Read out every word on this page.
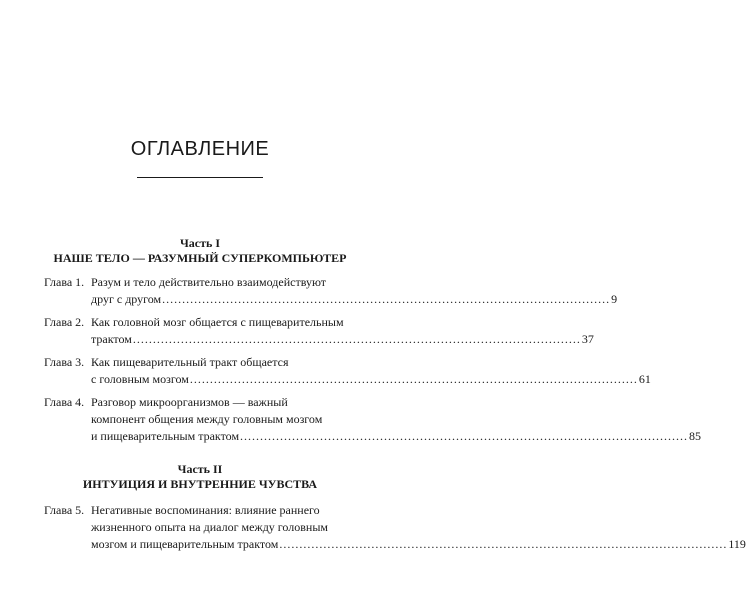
ОГЛАВЛЕНИЕ
Часть I
НАШЕ ТЕЛО — РАЗУМНЫЙ СУПЕРКОМПЬЮТЕР
Глава 1. Разум и тело действительно взаимодействуют
друг с другом ................................................................................................................ 9
Глава 2. Как головной мозг общается с пищеварительным
трактом ................................................................................................................ 37
Глава 3. Как пищеварительный тракт общается
с головным мозгом ................................................................................................................ 61
Глава 4. Разговор микроорганизмов — важный
компонент общения между головным мозгом
и пищеварительным трактом ................................................................................................................ 85
Часть II
ИНТУИЦИЯ И ВНУТРЕННИЕ ЧУВСТВА
Глава 5. Негативные воспоминания: влияние раннего
жизненного опыта на диалог между головным
мозгом и пищеварительным трактом ................................................................................................................ 119
